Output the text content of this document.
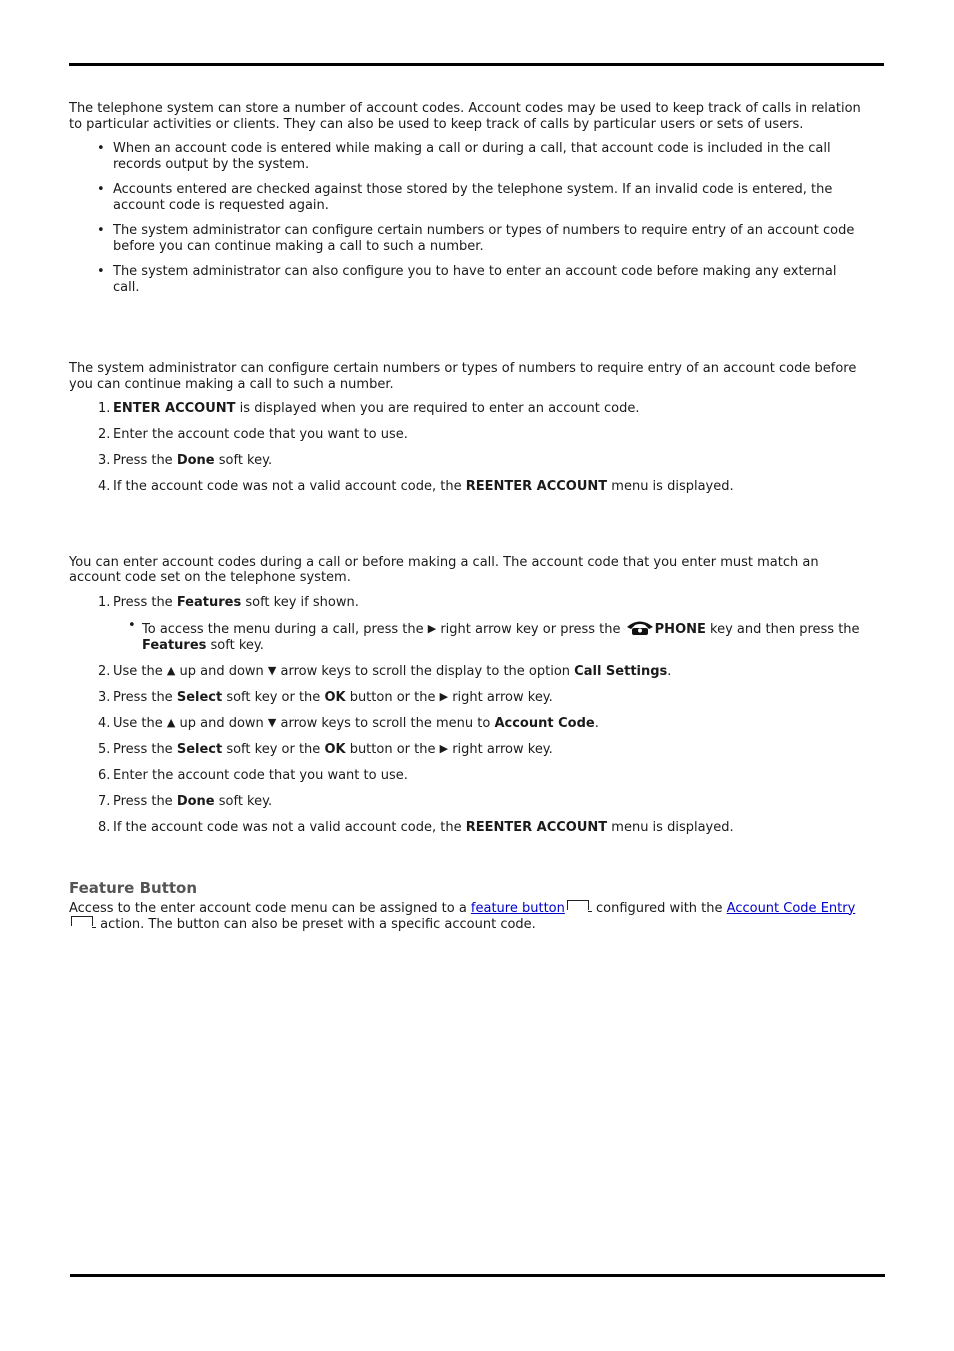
The telephone system can store a number of account codes. Account codes may be used to keep track of calls in relation to particular activities or clients. They can also be used to keep track of calls by particular users or sets of users.

• When an account code is entered while making a call or during a call, that account code is included in the call records output by the system.
• Accounts entered are checked against those stored by the telephone system. If an invalid code is entered, the account code is requested again.
• The system administrator can configure certain numbers or types of numbers to require entry of an account code before you can continue making a call to such a number.
• The system administrator can also configure you to have to enter an account code before making any external call.

The system administrator can configure certain numbers or types of numbers to require entry of an account code before you can continue making a call to such a number.

1. ENTER ACCOUNT is displayed when you are required to enter an account code.
2. Enter the account code that you want to use.
3. Press the Done soft key.
4. If the account code was not a valid account code, the REENTER ACCOUNT menu is displayed.

You can enter account codes during a call or before making a call. The account code that you enter must match an account code set on the telephone system.

1. Press the Features soft key if shown.
• To access the menu during a call, press the ▶ right arrow key or press the PHONE key and then press the Features soft key.
2. Use the ▲ up and down ▼ arrow keys to scroll the display to the option Call Settings.
3. Press the Select soft key or the OK button or the ▶ right arrow key.
4. Use the ▲ up and down ▼ arrow keys to scroll the menu to Account Code.
5. Press the Select soft key or the OK button or the ▶ right arrow key.
6. Enter the account code that you want to use.
7. Press the Done soft key.
8. If the account code was not a valid account code, the REENTER ACCOUNT menu is displayed.
Feature Button

Access to the enter account code menu can be assigned to a feature button configured with the Account Code Entry action. The button can also be preset with a specific account code.
